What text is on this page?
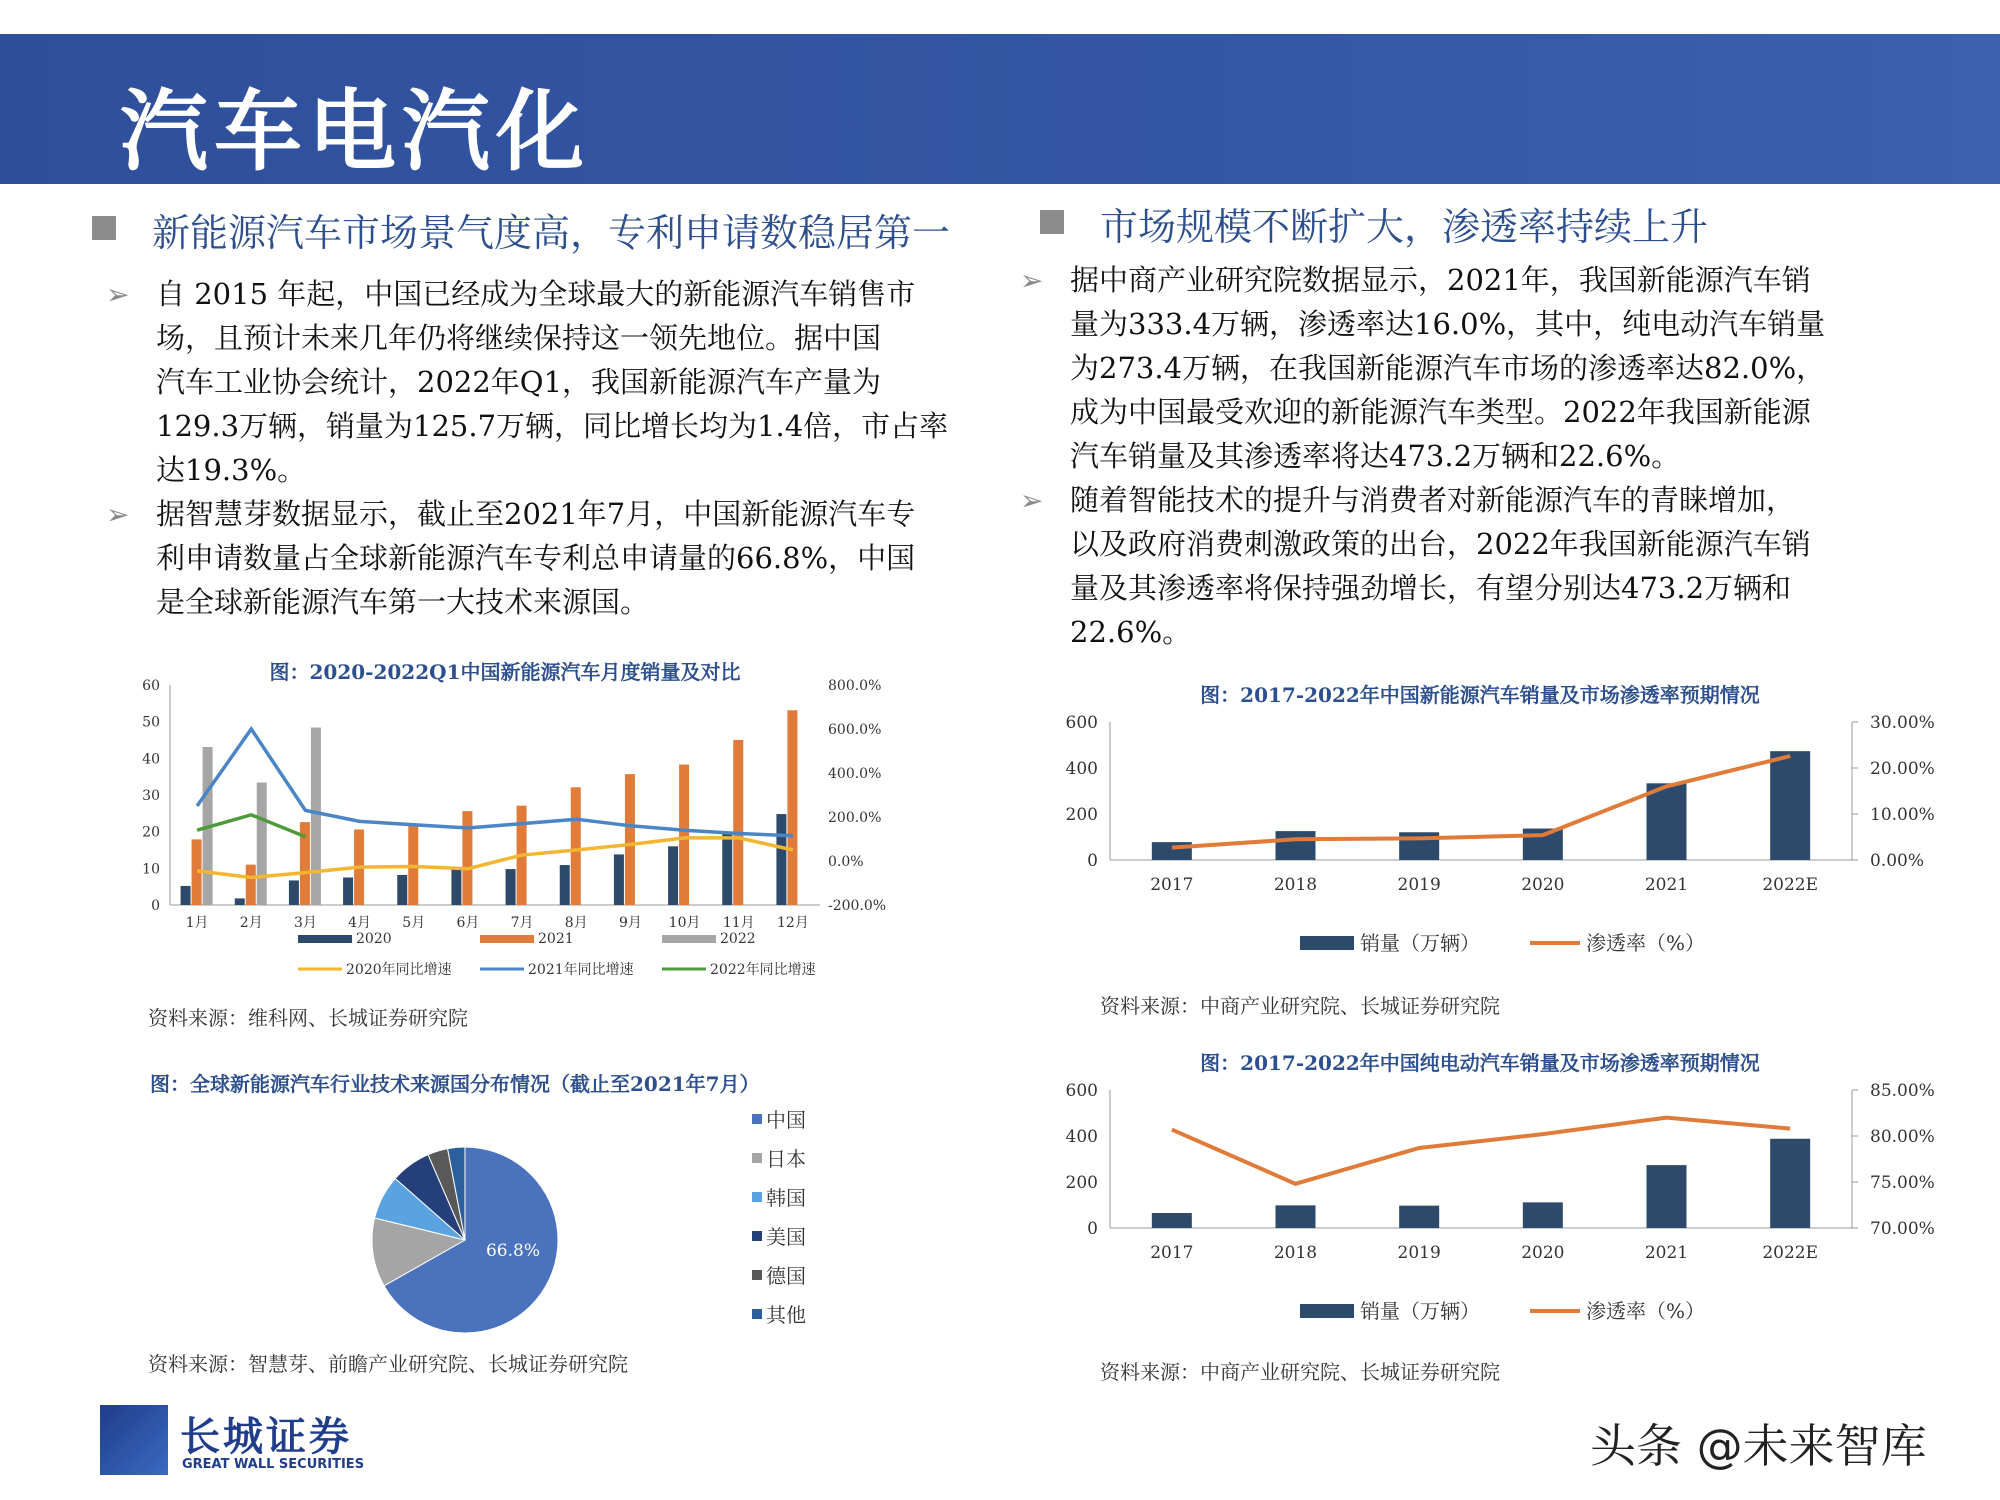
汽车电汽化
新能源汽车市场景气度高，专利申请数稳居第一
➢ 自 2015 年起，中国已经成为全球最大的新能源汽车销售市
场，且预计未来几年仍将继续保持这一领先地位。据中国
汽车工业协会统计，2022年Q1，我国新能源汽车产量为
129.3万辆，销量为125.7万辆，同比增长均为1.4倍，市占率
达19.3%。
➢ 据智慧芽数据显示，截止至2021年7月，中国新能源汽车专
利申请数量占全球新能源汽车专利总申请量的66.8%，中国
是全球新能源汽车第一大技术来源国。
图：2020-2022Q1中国新能源汽车月度销量及对比
0
10
20
30
40
50
60
-200.0%
0.0%
200.0%
400.0%
600.0%
800.0%
1月 2月 3月 4月 5月 6月 7月 8月 9月 10月 11月 12月
2020	2021	2022
2020年同比增速	2021年同比增速	2022年同比增速
资料来源：维科网、长城证券研究院
图：全球新能源汽车行业技术来源国分布情况（截止至2021年7月）
66.8%
中国
日本
韩国
美国
德国
其他
资料来源：智慧芽、前瞻产业研究院、长城证券研究院
市场规模不断扩大，渗透率持续上升
➢ 据中商产业研究院数据显示，2021年，我国新能源汽车销
量为333.4万辆，渗透率达16.0%，其中，纯电动汽车销量
为273.4万辆，在我国新能源汽车市场的渗透率达82.0%，
成为中国最受欢迎的新能源汽车类型。2022年我国新能源
汽车销量及其渗透率将达473.2万辆和22.6%。
➢ 随着智能技术的提升与消费者对新能源汽车的青睐增加，
以及政府消费刺激政策的出台，2022年我国新能源汽车销
量及其渗透率将保持强劲增长，有望分别达473.2万辆和
22.6%。
图：2017-2022年中国新能源汽车销量及市场渗透率预期情况
0
200
400
600
0.00%
10.00%
20.00%
30.00%
2017	2018	2019	2020	2021	2022E
销量（万辆）	渗透率（%）
资料来源：中商产业研究院、长城证券研究院
图：2017-2022年中国纯电动汽车销量及市场渗透率预期情况
0
200
400
600
70.00%
75.00%
80.00%
85.00%
2017	2018	2019	2020	2021	2022E
销量（万辆）	渗透率（%）
资料来源：中商产业研究院、长城证券研究院
长城证券
GREAT WALL SECURITIES	头条 @未来智库
